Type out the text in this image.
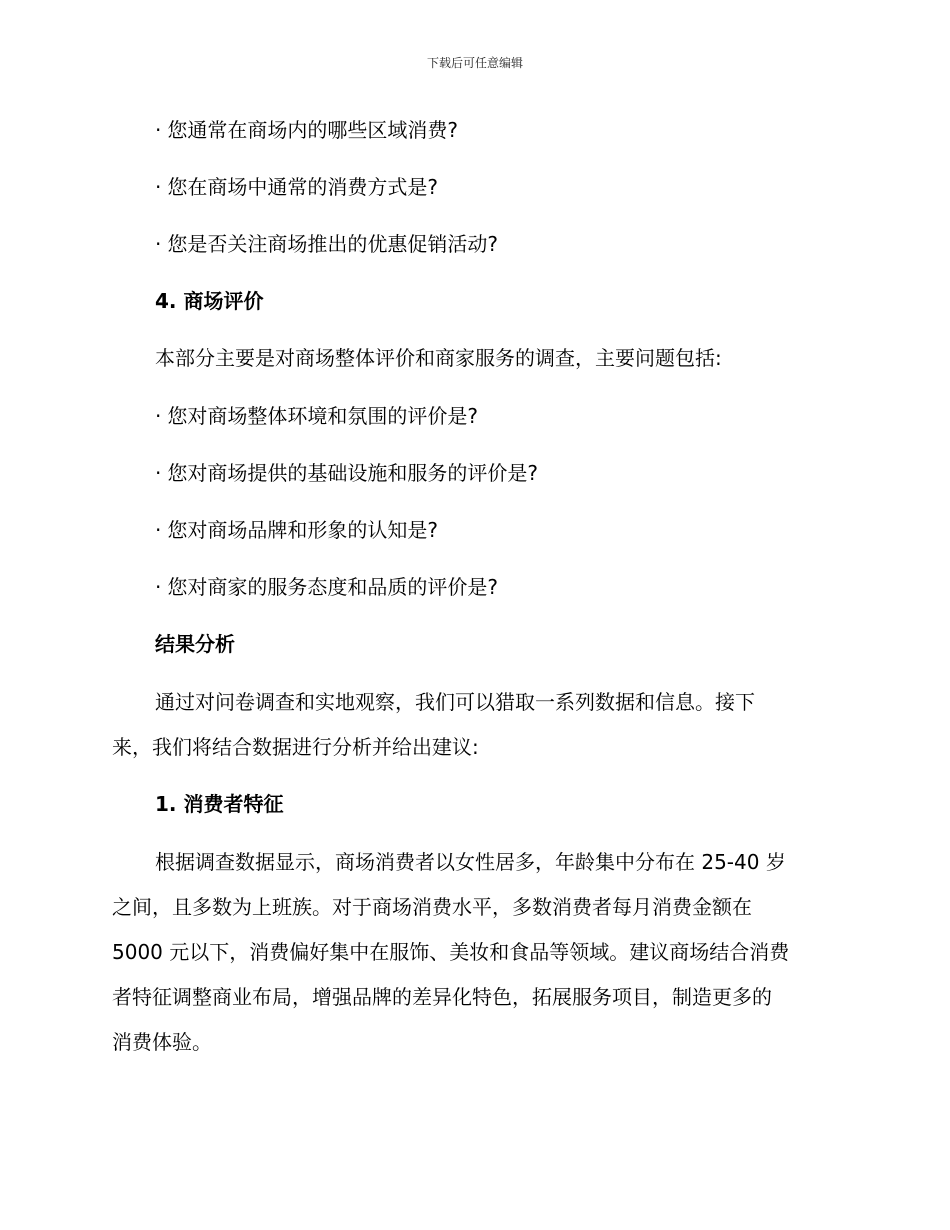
下载后可任意编辑
· 您通常在商场内的哪些区域消费?
· 您在商场中通常的消费方式是?
· 您是否关注商场推出的优惠促销活动?
4. 商场评价
本部分主要是对商场整体评价和商家服务的调查，主要问题包括:
· 您对商场整体环境和氛围的评价是?
· 您对商场提供的基础设施和服务的评价是?
· 您对商场品牌和形象的认知是?
· 您对商家的服务态度和品质的评价是?
结果分析
通过对问卷调查和实地观察，我们可以猎取一系列数据和信息。接下
来，我们将结合数据进行分析并给出建议:
1. 消费者特征
根据调查数据显示，商场消费者以女性居多，年龄集中分布在 25-40 岁
之间，且多数为上班族。对于商场消费水平，多数消费者每月消费金额在
5000 元以下，消费偏好集中在服饰、美妆和食品等领域。建议商场结合消费
者特征调整商业布局，增强品牌的差异化特色，拓展服务项目，制造更多的
消费体验。
